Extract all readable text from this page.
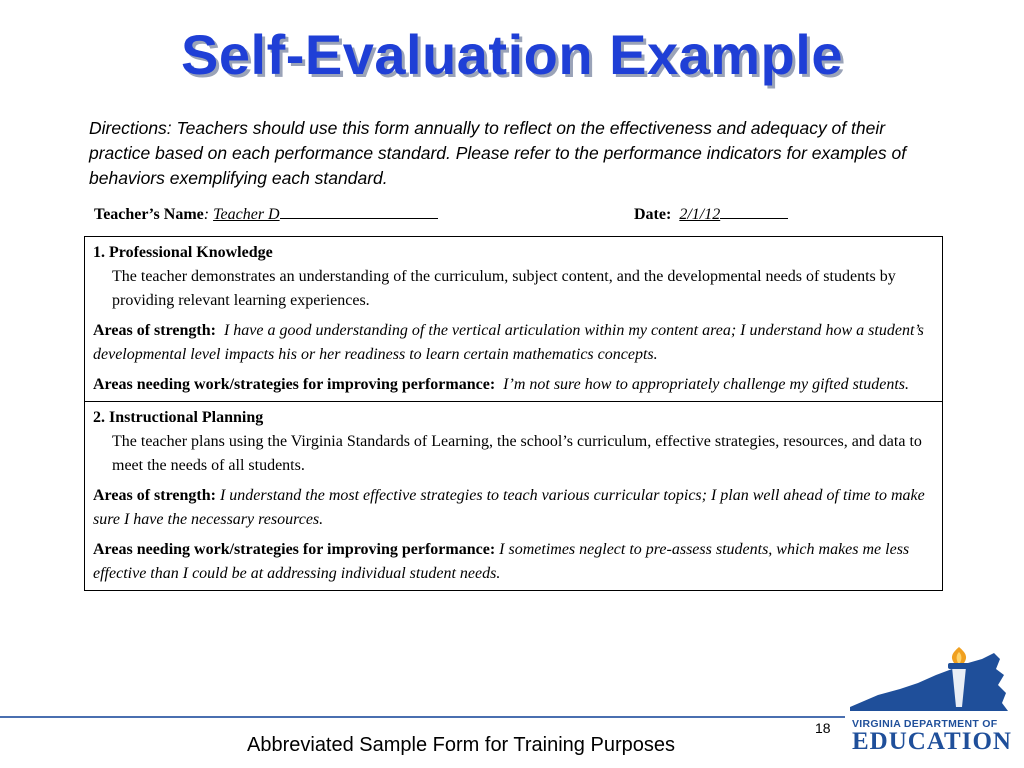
Self-Evaluation Example
Directions: Teachers should use this form annually to reflect on the effectiveness and adequacy of their practice based on each performance standard. Please refer to the performance indicators for examples of behaviors exemplifying each standard.
Teacher’s Name: Teacher D	Date: 2/1/12
1. Professional Knowledge
The teacher demonstrates an understanding of the curriculum, subject content, and the developmental needs of students by providing relevant learning experiences.
Areas of strength: I have a good understanding of the vertical articulation within my content area; I understand how a student’s developmental level impacts his or her readiness to learn certain mathematics concepts.
Areas needing work/strategies for improving performance: I’m not sure how to appropriately challenge my gifted students.
2. Instructional Planning
The teacher plans using the Virginia Standards of Learning, the school’s curriculum, effective strategies, resources, and data to meet the needs of all students.
Areas of strength: I understand the most effective strategies to teach various curricular topics; I plan well ahead of time to make sure I have the necessary resources.
Areas needing work/strategies for improving performance: I sometimes neglect to pre-assess students, which makes me less effective than I could be at addressing individual student needs.
18
Abbreviated Sample Form for Training Purposes
VIRGINIA DEPARTMENT OF
EDUCATION
